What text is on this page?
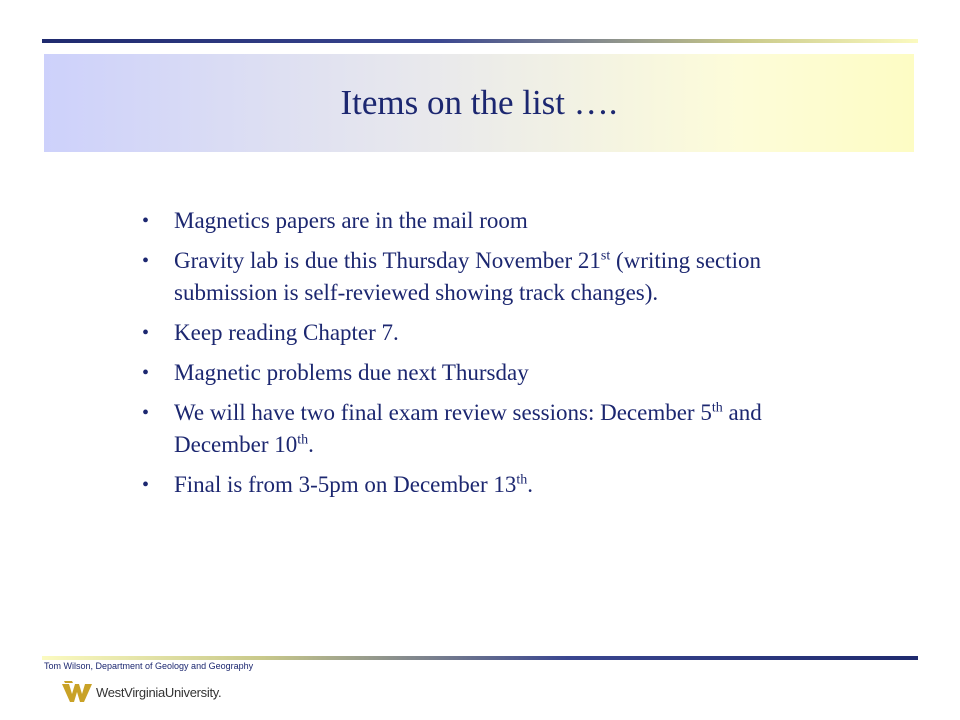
Items on the list ….
• Magnetics papers are in the mail room
• Gravity lab is due this Thursday November 21st (writing section submission is self-reviewed showing track changes).
• Keep reading Chapter 7.
• Magnetic problems due next Thursday
• We will have two final exam review sessions: December 5th and December 10th.
• Final is from 3-5pm on December 13th.
Tom Wilson, Department of Geology and Geography
WestVirginiaUniversity.
